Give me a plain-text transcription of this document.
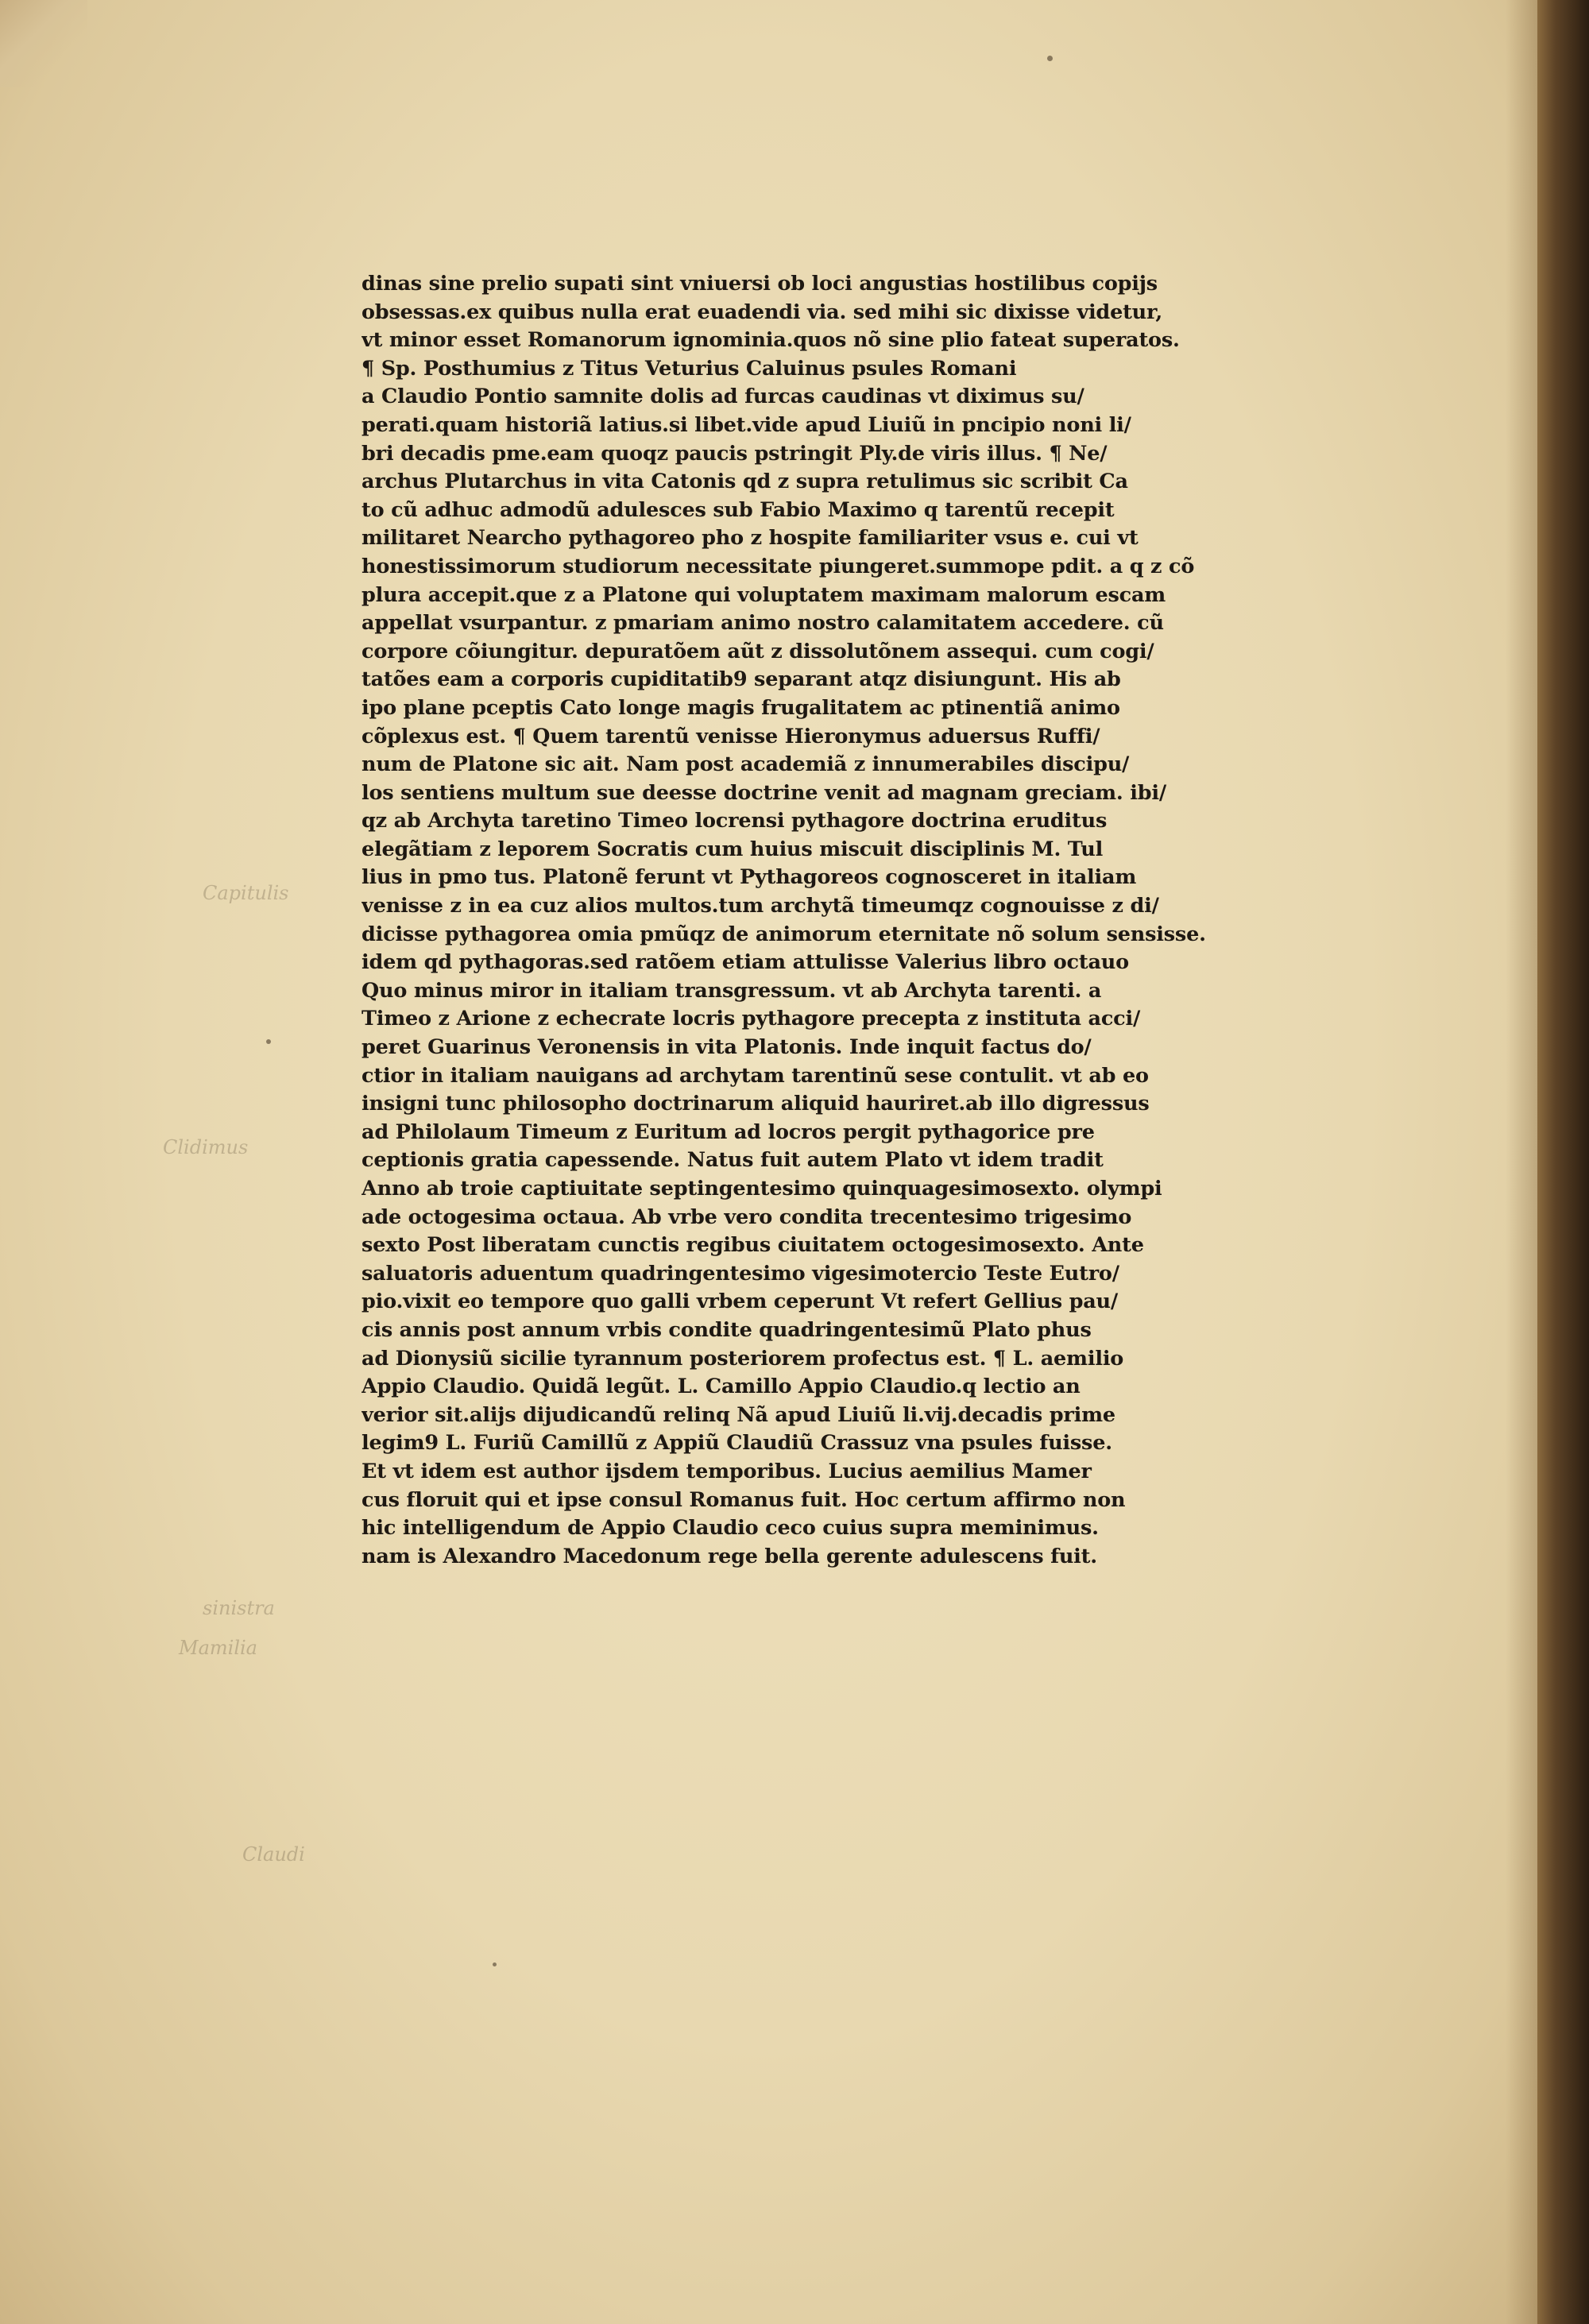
Capitulis
Clidimus
sinistra
Mamilia
Claudi
dinas sine prelio supati sint vniuersi ob loci angustias hostilibus copijs
obsessas.ex quibus nulla erat euadendi via. sed mihi sic dixisse videtur,
vt minor esset Romanorum ignominia.quos nõ sine plio fateat superatos.
¶ Sp. Posthumius z Titus Veturius Caluinus psules Romani
a Claudio Pontio samnite dolis ad furcas caudinas vt diximus su/
perati.quam historiã latius.si libet.vide apud Liuiũ in pncipio noni li/
bri decadis pme.eam quoqz paucis pstringit Ply.de viris illus. ¶ Ne/
archus Plutarchus in vita Catonis qd z supra retulimus sic scribit Ca
to cũ adhuc admodũ adulesces sub Fabio Maximo q tarentũ recepit
militaret Nearcho pythagoreo pho z hospite familiariter vsus e. cui vt
honestissimorum studiorum necessitate piungeret.summope pdit. a q z cõ
plura accepit.que z a Platone qui voluptatem maximam malorum escam
appellat vsurpantur. z pmariam animo nostro calamitatem accedere. cũ
corpore cõiungitur. depuratõem aũt z dissolutõnem assequi. cum cogi/
tatões eam a corporis cupiditatib9 separant atqz disiungunt. His ab
ipo plane pceptis Cato longe magis frugalitatem ac ptinentiã animo
cõplexus est. ¶ Quem tarentũ venisse Hieronymus aduersus Ruffi/
num de Platone sic ait. Nam post academiã z innumerabiles discipu/
los sentiens multum sue deesse doctrine venit ad magnam greciam. ibi/
qz ab Archyta taretino Timeo locrensi pythagore doctrina eruditus
elegãtiam z leporem Socratis cum huius miscuit disciplinis M. Tul
lius in pmo tus. Platonẽ ferunt vt Pythagoreos cognosceret in italiam
venisse z in ea cuz alios multos.tum archytã timeumqz cognouisse z di/
dicisse pythagorea omia pmũqz de animorum eternitate nõ solum sensisse.
idem qd pythagoras.sed ratõem etiam attulisse Valerius libro octauo
Quo minus miror in italiam transgressum. vt ab Archyta tarenti. a
Timeo z Arione z echecrate locris pythagore precepta z instituta acci/
peret Guarinus Veronensis in vita Platonis. Inde inquit factus do/
ctior in italiam nauigans ad archytam tarentinũ sese contulit. vt ab eo
insigni tunc philosopho doctrinarum aliquid hauriret.ab illo digressus
ad Philolaum Timeum z Euritum ad locros pergit pythagorice pre
ceptionis gratia capessende. Natus fuit autem Plato vt idem tradit
Anno ab troie captiuitate septingentesimo quinquagesimosexto. olympi
ade octogesima octaua. Ab vrbe vero condita trecentesimo trigesimo
sexto Post liberatam cunctis regibus ciuitatem octogesimosexto. Ante
saluatoris aduentum quadringentesimo vigesimotercio Teste Eutro/
pio.vixit eo tempore quo galli vrbem ceperunt Vt refert Gellius pau/
cis annis post annum vrbis condite quadringentesimũ Plato phus
ad Dionysiũ sicilie tyrannum posteriorem profectus est. ¶ L. aemilio
Appio Claudio. Quidã legũt. L. Camillo Appio Claudio.q lectio an
verior sit.alijs dijudicandũ relinq Nã apud Liuiũ li.vij.decadis prime
legim9 L. Furiũ Camillũ z Appiũ Claudiũ Crassuz vna psules fuisse.
Et vt idem est author ijsdem temporibus. Lucius aemilius Mamer
cus floruit qui et ipse consul Romanus fuit. Hoc certum affirmo non
hic intelligendum de Appio Claudio ceco cuius supra meminimus.
nam is Alexandro Macedonum rege bella gerente adulescens fuit.
